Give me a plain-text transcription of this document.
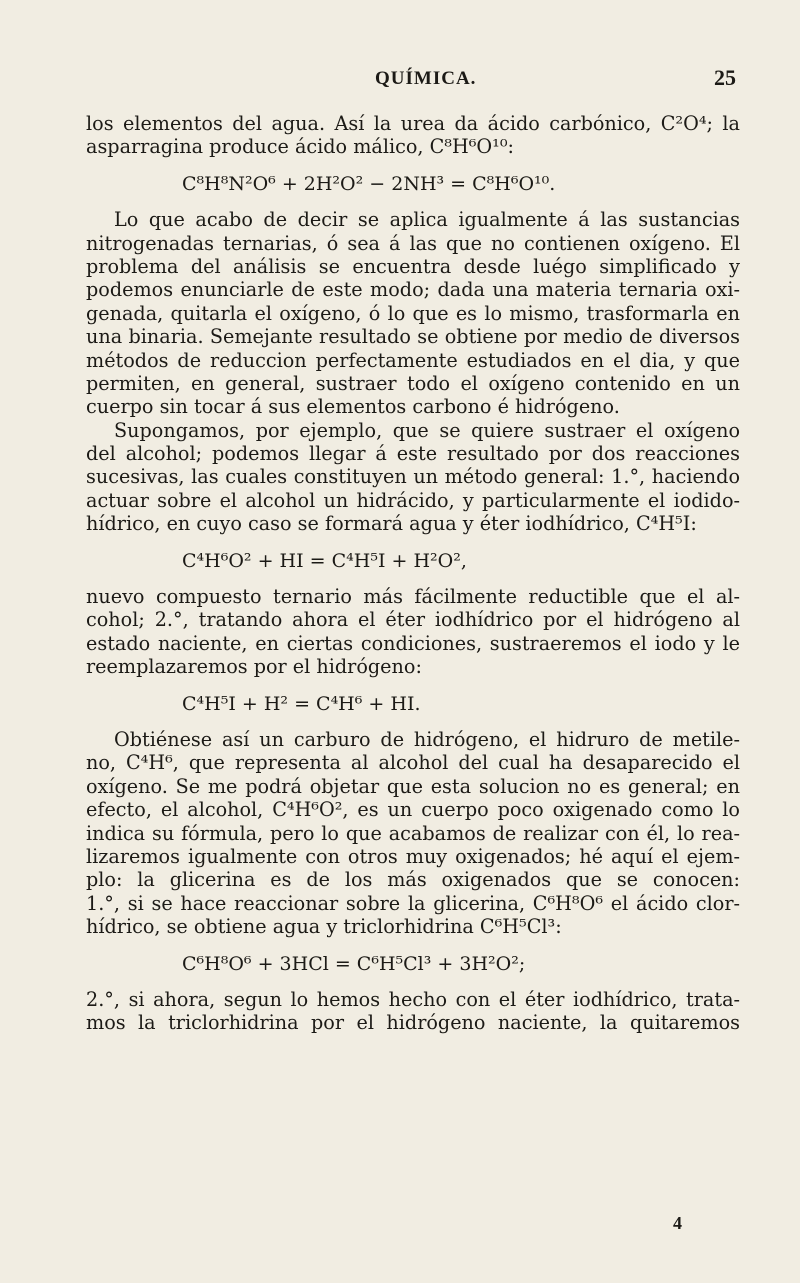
QUÍMICA.	25
los elementos del agua. Así la urea da ácido carbónico, C²O⁴; la
asparragina produce ácido málico, C⁸H⁶O¹⁰:
C⁸H⁸N²O⁶ + 2H²O² − 2NH³ = C⁸H⁶O¹⁰.
Lo que acabo de decir se aplica igualmente á las sustancias
nitrogenadas ternarias, ó sea á las que no contienen oxígeno. El
problema del análisis se encuentra desde luégo simplificado y
podemos enunciarle de este modo; dada una materia ternaria oxi-
genada, quitarla el oxígeno, ó lo que es lo mismo, trasformarla en
una binaria. Semejante resultado se obtiene por medio de diversos
métodos de reduccion perfectamente estudiados en el dia, y que
permiten, en general, sustraer todo el oxígeno contenido en un
cuerpo sin tocar á sus elementos carbono é hidrógeno.
Supongamos, por ejemplo, que se quiere sustraer el oxígeno
del alcohol; podemos llegar á este resultado por dos reacciones
sucesivas, las cuales constituyen un método general: 1.°, haciendo
actuar sobre el alcohol un hidrácido, y particularmente el iodido-
hídrico, en cuyo caso se formará agua y éter iodhídrico, C⁴H⁵I:
C⁴H⁶O² + HI = C⁴H⁵I + H²O²,
nuevo compuesto ternario más fácilmente reductible que el al-
cohol; 2.°, tratando ahora el éter iodhídrico por el hidrógeno al
estado naciente, en ciertas condiciones, sustraeremos el iodo y le
reemplazaremos por el hidrógeno:
C⁴H⁵I + H² = C⁴H⁶ + HI.
Obtiénese así un carburo de hidrógeno, el hidruro de metile-
no, C⁴H⁶, que representa al alcohol del cual ha desaparecido el
oxígeno. Se me podrá objetar que esta solucion no es general; en
efecto, el alcohol, C⁴H⁶O², es un cuerpo poco oxigenado como lo
indica su fórmula, pero lo que acabamos de realizar con él, lo rea-
lizaremos igualmente con otros muy oxigenados; hé aquí el ejem-
plo: la glicerina es de los más oxigenados que se conocen:
1.°, si se hace reaccionar sobre la glicerina, C⁶H⁸O⁶ el ácido clor-
hídrico, se obtiene agua y triclorhidrina C⁶H⁵Cl³:
C⁶H⁸O⁶ + 3HCl = C⁶H⁵Cl³ + 3H²O²;
2.°, si ahora, segun lo hemos hecho con el éter iodhídrico, trata-
mos la triclorhidrina por el hidrógeno naciente, la quitaremos
4
